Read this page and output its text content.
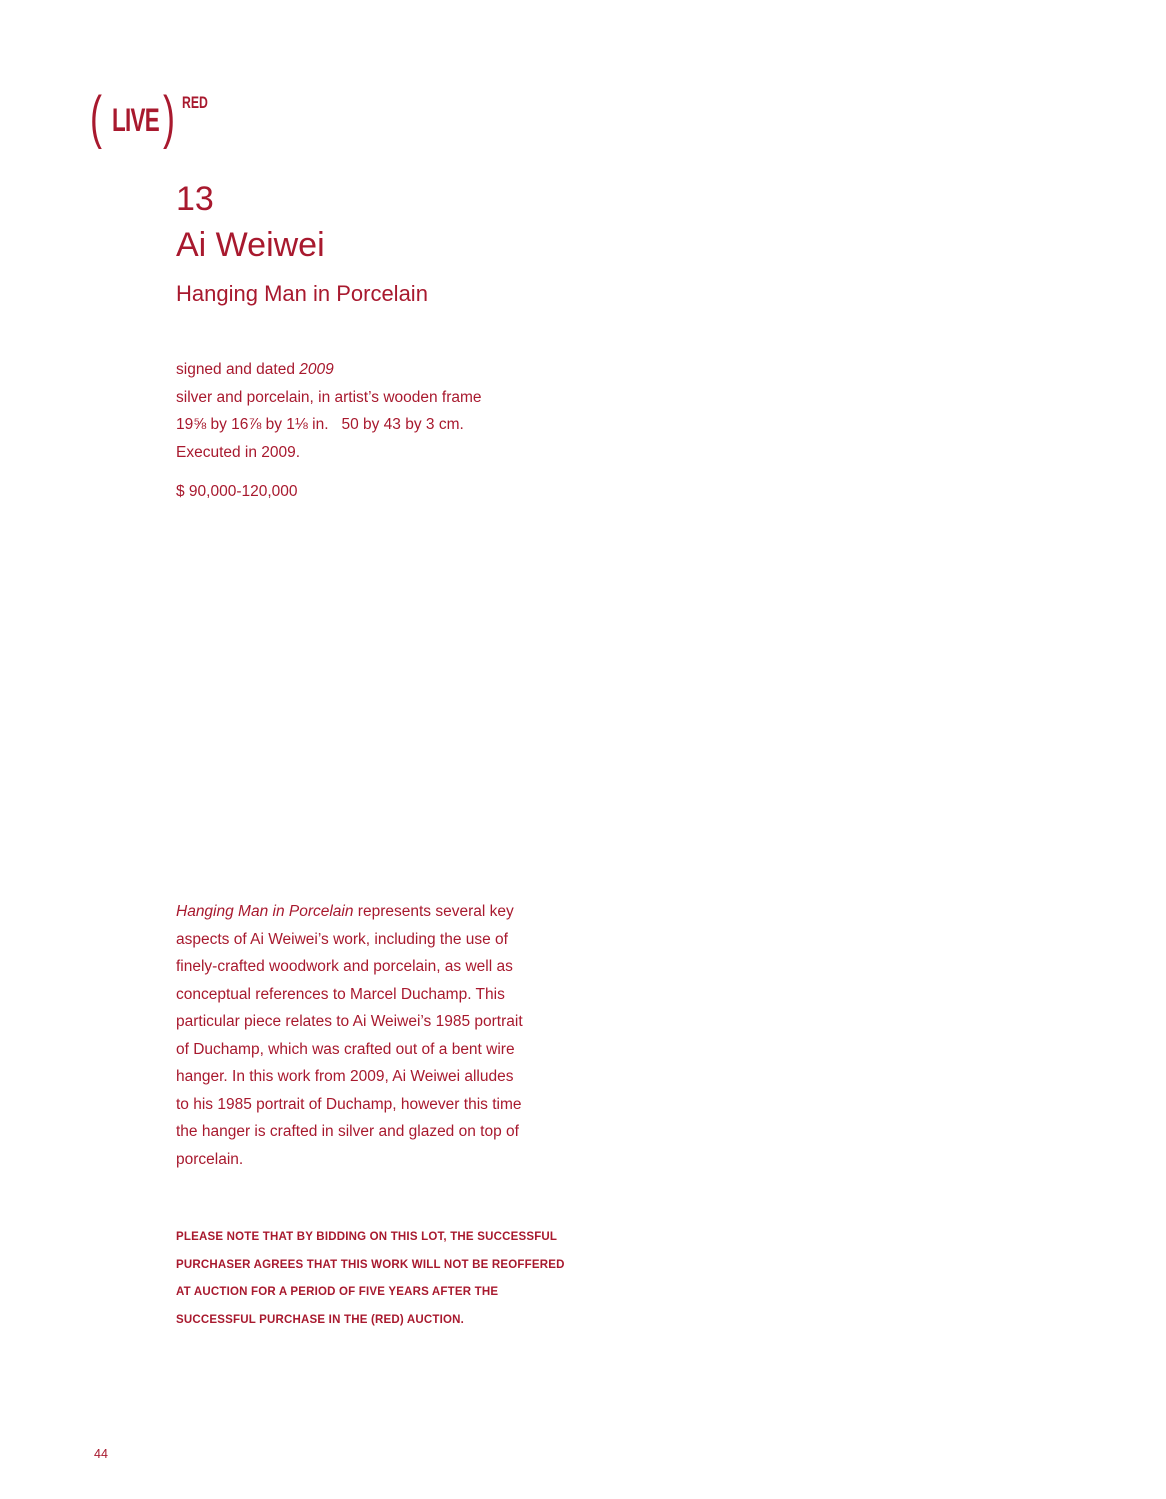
( LIVE ) RED
13
Ai Weiwei
Hanging Man in Porcelain
signed and dated 2009
silver and porcelain, in artist’s wooden frame
19⅝ by 16⅞ by 1⅛ in.   50 by 43 by 3 cm.
Executed in 2009.
$ 90,000-120,000
Hanging Man in Porcelain represents several key
aspects of Ai Weiwei’s work, including the use of
finely-crafted woodwork and porcelain, as well as
conceptual references to Marcel Duchamp. This
particular piece relates to Ai Weiwei’s 1985 portrait
of Duchamp, which was crafted out of a bent wire
hanger. In this work from 2009, Ai Weiwei alludes
to his 1985 portrait of Duchamp, however this time
the hanger is crafted in silver and glazed on top of
porcelain.
PLEASE NOTE THAT BY BIDDING ON THIS LOT, THE SUCCESSFUL
PURCHASER AGREES THAT THIS WORK WILL NOT BE REOFFERED
AT AUCTION FOR A PERIOD OF FIVE YEARS AFTER THE
SUCCESSFUL PURCHASE IN THE (RED) AUCTION.
44
